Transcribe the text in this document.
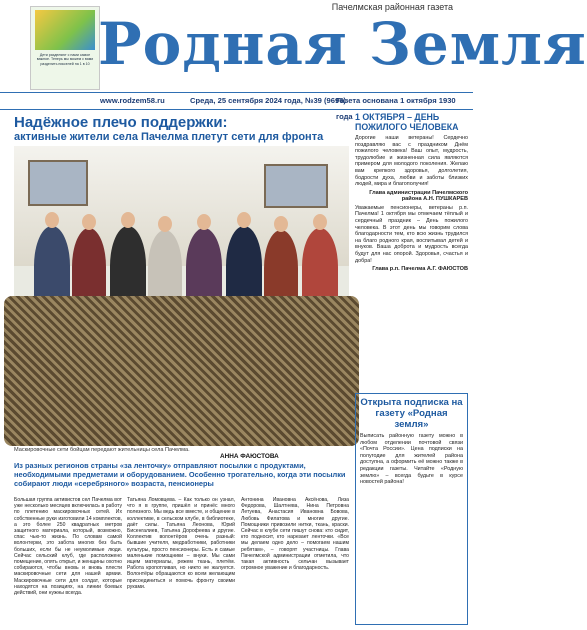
Дети разделяют с нами самое важное. Теперь мы можем с вами разделить пикселей на 1 в 10 Родная Земля
Пачелмская районная газета
www.rodzem58.ru	Среда, 25 сентября 2024 года, №39 (9696)
Газета основана 1 октября 1930 года
Надёжное плечо поддержки:
активные жители села Пачелма плетут сети для фронта
Маскировочные сети бойцам передают жительницы села Пачелма.
АННА ФАЮСТОВА
Из разных регионов страны «за ленточку» отправляют посылки с продуктами, необходимыми предметами и оборудованием. Особенно трогательно, когда эти посылки собирают люди «серебряного» возраста, пенсионеры
Большая группа активистов сел Пачелма вот уже несколько месяцев включилась в работу по плетению маскировочных сетей. Их собственные руки изготовили 14 комплектов, а это более 250 квадратных метров защитного материала, который, возможно, спас чью-то жизнь. По словам самой волонтерки, это забота многих без быть больших, если бы не неумолимые люди. Сейчас сельский клуб, где расположено помещение, опять открыт, и женщины охотно собираются, чтобы вновь и вновь плести маскировочные сети для нашей армии. Маскировочные сети для солдат, которые находятся на позициях, на линии боевых действий, они нужны всегда.
Татьяна Ломовцева. – Как только он узнал, что я в группе, пришёл и принёс много полезного. Мы ведь все вместе, и общение в коллективе, в сельском клубе, в библиотеке, даёт силы. Татьяна Леонова, Юрий Бисенгалиев, Татьяна Дорофеева и другие. Коллектив волонтёров очень разный: бывшие учителя, медработники, работники культуры, просто пенсионеры. Есть и самые маленькие помощники – внуки. Мы сами ищем материалы, режем ткань, плетём. Работа кропотливая, но никто не жалуется. Волонтёры обращаются ко всем желающим присоединиться и помочь фронту своими руками.
Антонина Ивановна Аксёнова, Лиза Федорова, Шалтнева, Нина Петровна Летуева, Анастасия Ивановна Бовова, Любовь Филатова и многие другие. Помощники привозили нитки, ткань, краски. Сейчас в клубе сети пишут снова: кто сидит, кто подносит, кто нарезает ленточки. «Все мы делаем одно дело – помогаем нашим ребятам», – говорят участницы. Глава Пачелмской администрации отметила, что такая активность сельчан вызывает огромное уважение и благодарность.
1 ОКТЯБРЯ – ДЕНЬ ПОЖИЛОГО ЧЕЛОВЕКА
Дорогие наши ветераны! Сердечно поздравляю вас с праздником Днём пожилого человека! Ваш опыт, мудрость, трудолюбие и жизненная сила являются примером для молодого поколения. Желаю вам крепкого здоровья, долголетия, бодрости духа, любви и заботы близких людей, мира и благополучия!
Глава администрации Пачелмского района А.Н. ПУШКАРЕВ
Уважаемые пенсионеры, ветераны р.п. Пачелма! 1 октября мы отмечаем тёплый и сердечный праздник – День пожилого человека. В этот день мы говорим слова благодарности тем, кто всю жизнь трудился на благо родного края, воспитывал детей и внуков. Ваша доброта и мудрость всегда будут для нас опорой. Здоровья, счастья и добра!
Глава р.п. Пачелма А.Г. ФАЮСТОВ
Открыта подписка на газету «Родная земля»
Выписать районную газету можно в любом отделении почтовой связи «Почта России». Цена подписки на полугодие для жителей района доступна, а оформить её можно также в редакции газеты. Читайте «Родную землю» – всегда будьте в курсе новостей района!
